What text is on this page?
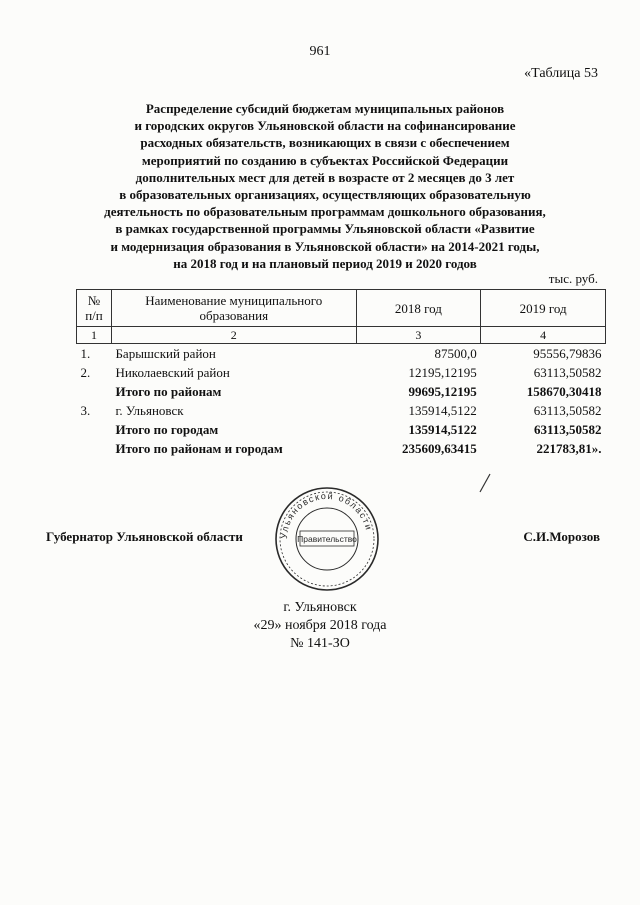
961
«Таблица 53
Распределение субсидий бюджетам муниципальных районов
и городских округов Ульяновской области на софинансирование
расходных обязательств, возникающих в связи с обеспечением
мероприятий по созданию в субъектах Российской Федерации
дополнительных мест для детей в возрасте от 2 месяцев до 3 лет
в образовательных организациях, осуществляющих образовательную
деятельность по образовательным программам дошкольного образования,
в рамках государственной программы Ульяновской области «Развитие
и модернизация образования в Ульяновской области» на 2014-2021 годы,
на 2018 год и на плановый период 2019 и 2020 годов
тыс. руб.
№ п/п	Наименование муниципального образования	2018 год	2019 год
1	2	3	4
1.	Барышский район	87500,0	95556,79836
2.	Николаевский район	12195,12195	63113,50582
	Итого по районам	99695,12195	158670,30418
3.	г. Ульяновск	135914,5122	63113,50582
	Итого по городам	135914,5122	63113,50582
	Итого по районам и городам	235609,63415	221783,81».
Губернатор Ульяновской области	С.И.Морозов
Ульяновской области
Правительство
г. Ульяновск
«29» ноября 2018 года
№ 141-ЗО
